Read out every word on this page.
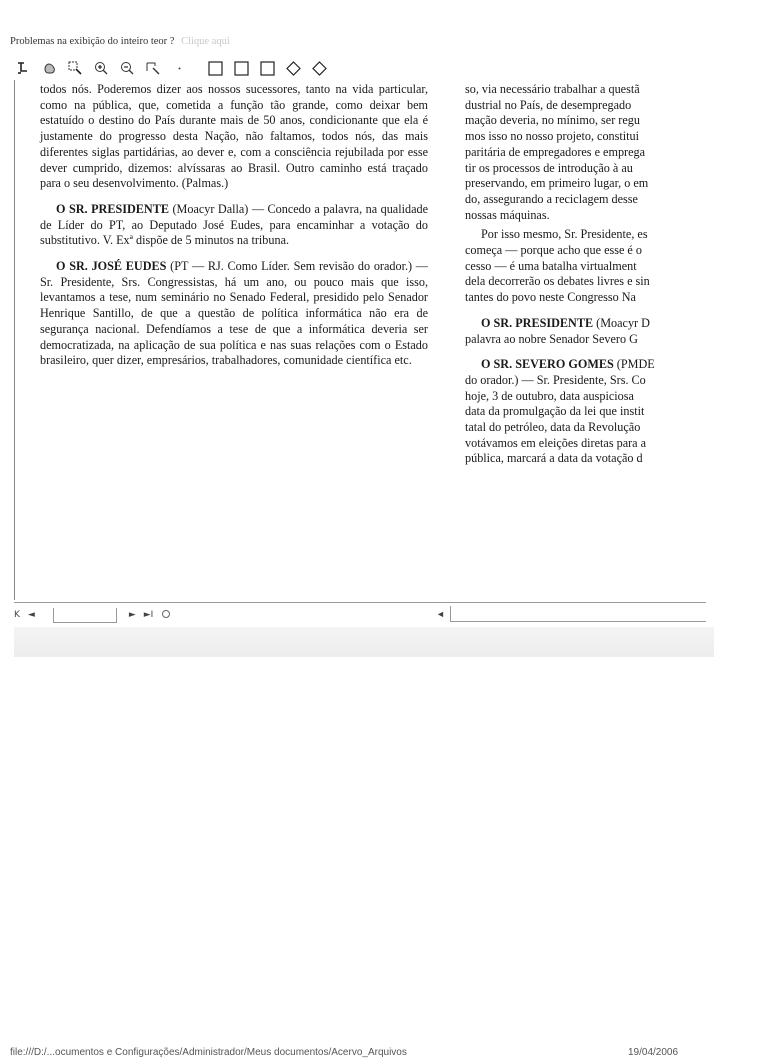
Problemas na exibição do inteiro teor ? Clique aqui

todos nós. Poderemos dizer aos nossos sucessores, tanto na vida particular, como na pública, que, cometida a função tão grande, como deixar bem estatuído o destino do País durante mais de 50 anos, condicionante que ela é justamente do progresso desta Nação, não faltamos, todos nós, das mais diferentes siglas partidárias, ao dever e, com a consciência rejubilada por esse dever cumprido, dizemos: alvíssaras ao Brasil. Outro caminho está traçado para o seu desenvolvimento. (Palmas.)

O SR. PRESIDENTE (Moacyr Dalla) — Concedo a palavra, na qualidade de Líder do PT, ao Deputado José Eudes, para encaminhar a votação do substitutivo. V. Exª dispõe de 5 minutos na tribuna.

O SR. JOSÉ EUDES (PT — RJ. Como Líder. Sem revisão do orador.) — Sr. Presidente, Srs. Congressistas, há um ano, ou pouco mais que isso, levantamos a tese, num seminário no Senado Federal, presidido pelo Senador Henrique Santillo, de que a questão de política informática não era de segurança nacional. Defendíamos a tese de que a informática deveria ser democratizada, na aplicação de sua política e nas suas relações com o Estado brasileiro, quer dizer, empresários, trabalhadores, comunidade científica etc.

so, via necessário trabalhar a questã
dustrial no País, de desempregado
mação deveria, no mínimo, ser regu
mos isso no nosso projeto, constitui
paritária de empregadores e emprega
tir os processos de introdução à au
preservando, em primeiro lugar, o em
do, assegurando a reciclagem desse
nossas máquinas.
Por isso mesmo, Sr. Presidente, es
começa — porque acho que esse é o
cesso — é uma batalha virtualment
dela decorrerão os debates livres e sin
tantes do povo neste Congresso Na
O SR. PRESIDENTE (Moacyr D
palavra ao nobre Senador Severo G
O SR. SEVERO GOMES (PMDE
do orador.) — Sr. Presidente, Srs. Co
hoje, 3 de outubro, data auspiciosa
data da promulgação da lei que instit
tatal do petróleo, data da Revolução
votávamos em eleições diretas para a
pública, marcará a data da votação d
K ◄	► ►I	◄
file:///D:/...ocumentos e Configurações/Administrador/Meus documentos/Acervo_Arquivos	19/04/2006
